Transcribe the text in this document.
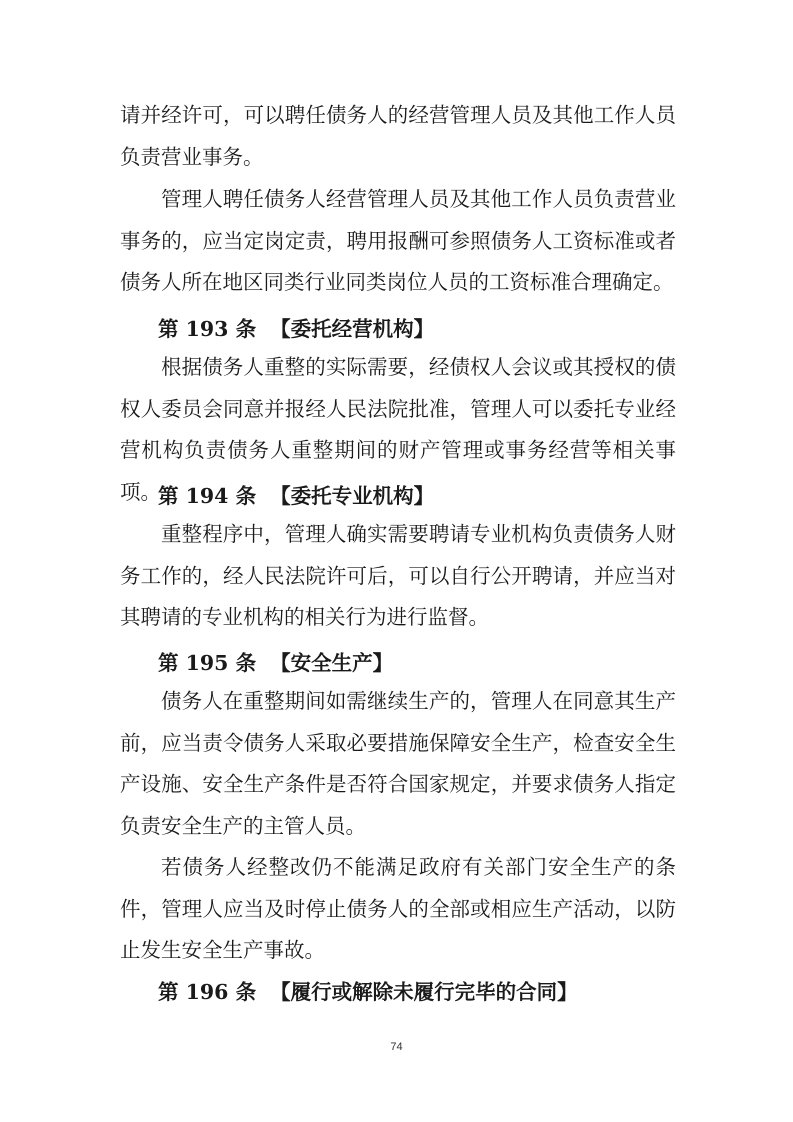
请并经许可，可以聘任债务人的经营管理人员及其他工作人员负责营业事务。

管理人聘任债务人经营管理人员及其他工作人员负责营业事务的，应当定岗定责，聘用报酬可参照债务人工资标准或者债务人所在地区同类行业同类岗位人员的工资标准合理确定。

第 193 条 【委托经营机构】

根据债务人重整的实际需要，经债权人会议或其授权的债权人委员会同意并报经人民法院批准，管理人可以委托专业经营机构负责债务人重整期间的财产管理或事务经营等相关事项。

第 194 条 【委托专业机构】

重整程序中，管理人确实需要聘请专业机构负责债务人财务工作的，经人民法院许可后，可以自行公开聘请，并应当对其聘请的专业机构的相关行为进行监督。

第 195 条 【安全生产】

债务人在重整期间如需继续生产的，管理人在同意其生产前，应当责令债务人采取必要措施保障安全生产，检查安全生产设施、安全生产条件是否符合国家规定，并要求债务人指定负责安全生产的主管人员。

若债务人经整改仍不能满足政府有关部门安全生产的条件，管理人应当及时停止债务人的全部或相应生产活动，以防止发生安全生产事故。

第 196 条 【履行或解除未履行完毕的合同】
74
